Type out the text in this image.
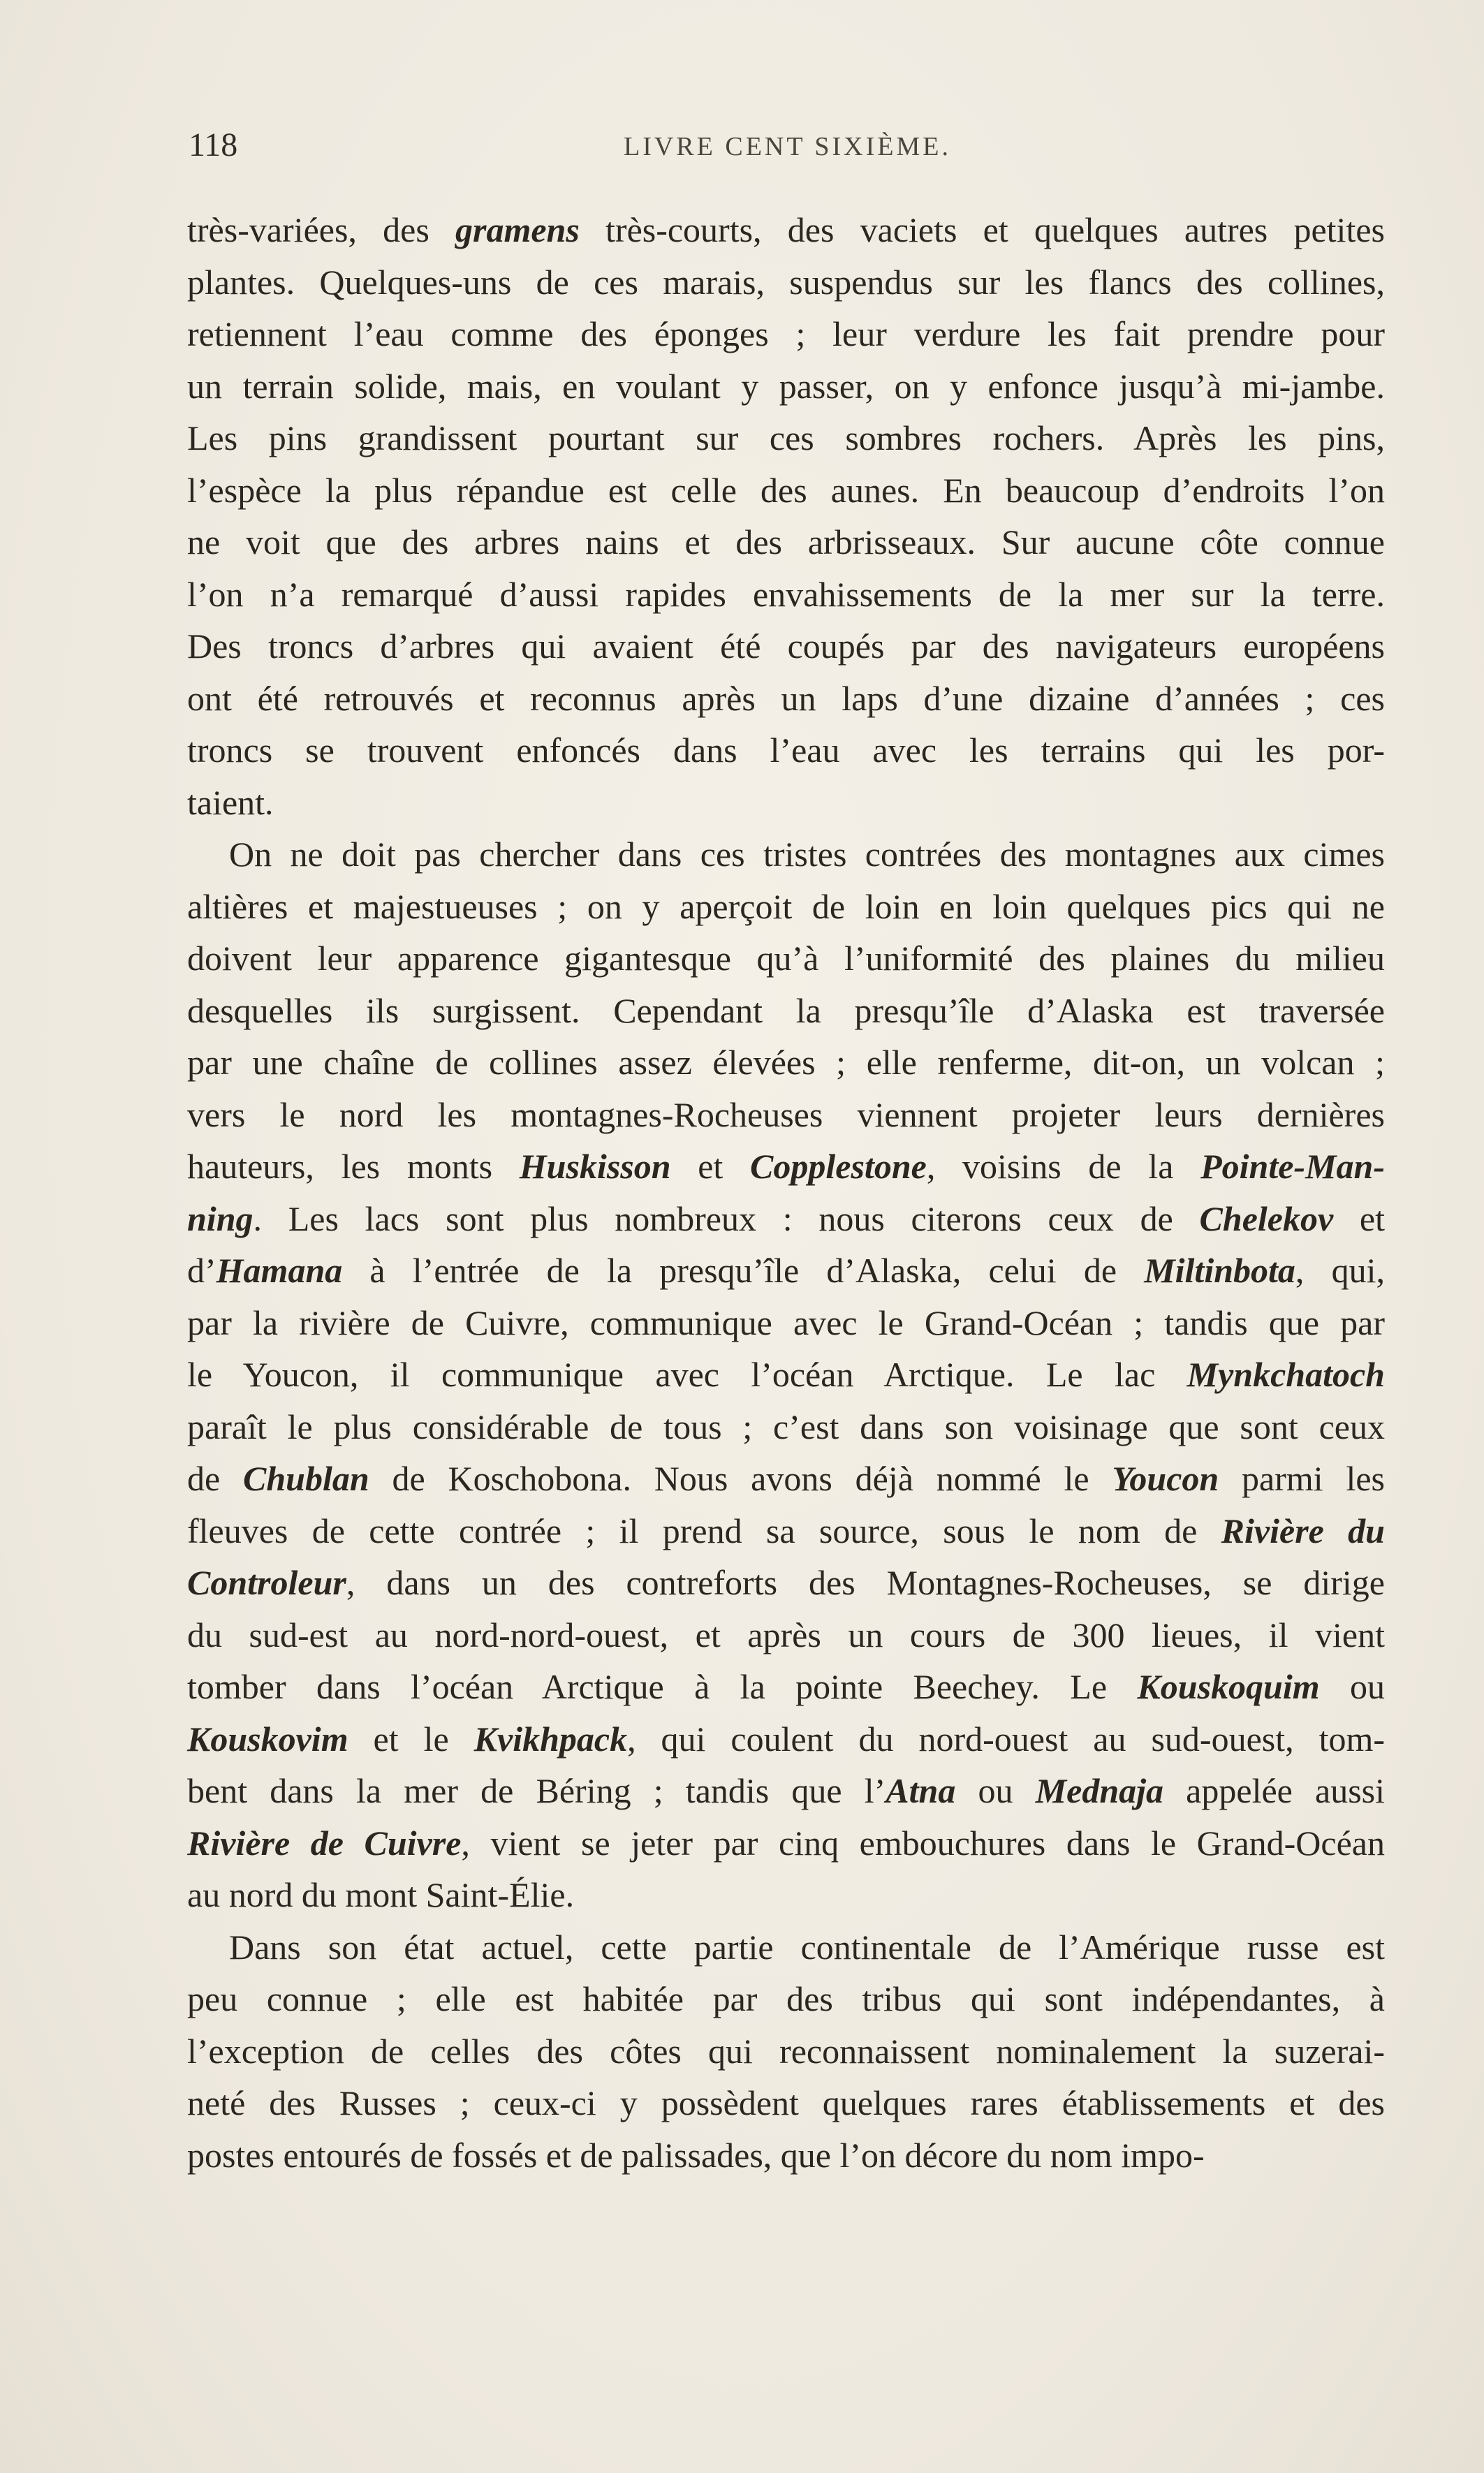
118	LIVRE CENT SIXIÈME.

très-variées, des gramens très-courts, des vaciets et quelques autres petites
plantes. Quelques-uns de ces marais, suspendus sur les flancs des collines,
retiennent l’eau comme des éponges ; leur verdure les fait prendre pour
un terrain solide, mais, en voulant y passer, on y enfonce jusqu’à mi-jambe.
Les pins grandissent pourtant sur ces sombres rochers. Après les pins,
l’espèce la plus répandue est celle des aunes. En beaucoup d’endroits l’on
ne voit que des arbres nains et des arbrisseaux. Sur aucune côte connue
l’on n’a remarqué d’aussi rapides envahissements de la mer sur la terre.
Des troncs d’arbres qui avaient été coupés par des navigateurs européens
ont été retrouvés et reconnus après un laps d’une dizaine d’années ; ces
troncs se trouvent enfoncés dans l’eau avec les terrains qui les por-
taient.

On ne doit pas chercher dans ces tristes contrées des montagnes aux cimes
altières et majestueuses ; on y aperçoit de loin en loin quelques pics qui ne
doivent leur apparence gigantesque qu’à l’uniformité des plaines du milieu
desquelles ils surgissent. Cependant la presqu’île d’Alaska est traversée
par une chaîne de collines assez élevées ; elle renferme, dit-on, un volcan ;
vers le nord les montagnes-Rocheuses viennent projeter leurs dernières
hauteurs, les monts Huskisson et Copplestone, voisins de la Pointe-Man-
ning. Les lacs sont plus nombreux : nous citerons ceux de Chelekov et
d’Hamana à l’entrée de la presqu’île d’Alaska, celui de Miltinbota, qui,
par la rivière de Cuivre, communique avec le Grand-Océan ; tandis que par
le Youcon, il communique avec l’océan Arctique. Le lac Mynkchatoch
paraît le plus considérable de tous ; c’est dans son voisinage que sont ceux
de Chublan de Koschobona. Nous avons déjà nommé le Youcon parmi les
fleuves de cette contrée ; il prend sa source, sous le nom de Rivière du
Controleur, dans un des contreforts des Montagnes-Rocheuses, se dirige
du sud-est au nord-nord-ouest, et après un cours de 300 lieues, il vient
tomber dans l’océan Arctique à la pointe Beechey. Le Kouskoquim ou
Kouskovim et le Kvikhpack, qui coulent du nord-ouest au sud-ouest, tom-
bent dans la mer de Béring ; tandis que l’Atna ou Mednaja appelée aussi
Rivière de Cuivre, vient se jeter par cinq embouchures dans le Grand-Océan
au nord du mont Saint-Élie.

Dans son état actuel, cette partie continentale de l’Amérique russe est
peu connue ; elle est habitée par des tribus qui sont indépendantes, à
l’exception de celles des côtes qui reconnaissent nominalement la suzerai-
neté des Russes ; ceux-ci y possèdent quelques rares établissements et des
postes entourés de fossés et de palissades, que l’on décore du nom impo-
